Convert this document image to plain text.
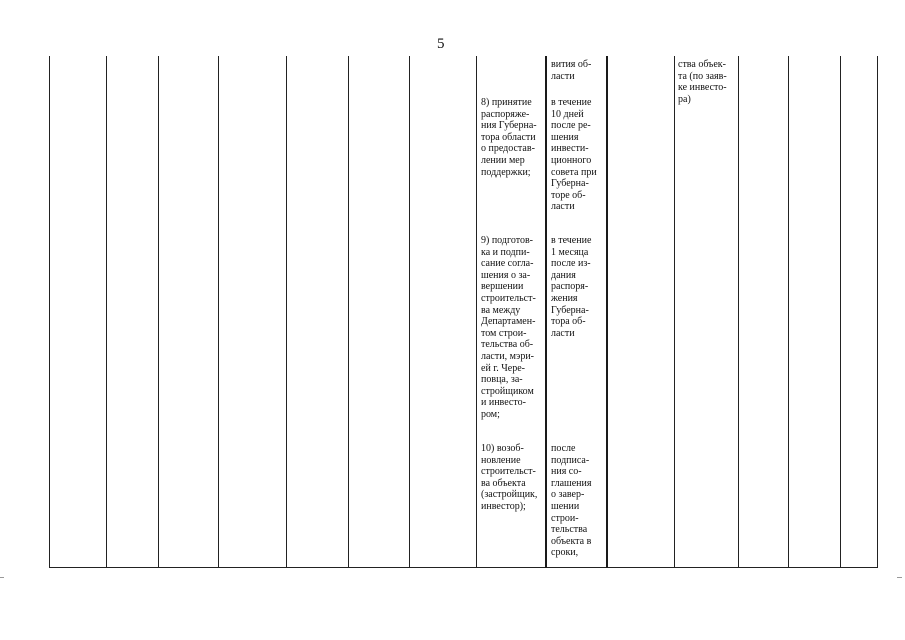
5

8) принятие
распоряже-
ния Губерна-
тора области
о предостав-
лении мер
поддержки;

9) подготов-
ка и подпи-
сание согла-
шения о за-
вершении
строительст-
ва между
Департамен-
том строи-
тельства об-
ласти, мэри-
ей г. Чере-
повца, за-
стройщиком
и инвесто-
ром;

10) возоб-
новление
строительст-
ва объекта
(застройщик,
инвестор);

вития об-
ласти

в течение
10 дней
после ре-
шения
инвести-
ционного
совета при
Губерна-
торе об-
ласти

в течение
1 месяца
после из-
дания
распоря-
жения
Губерна-
тора об-
ласти

после
подписа-
ния со-
глашения
о завер-
шении
строи-
тельства
объекта в
сроки,

ства объек-
та (по заяв-
ке инвесто-
ра)
